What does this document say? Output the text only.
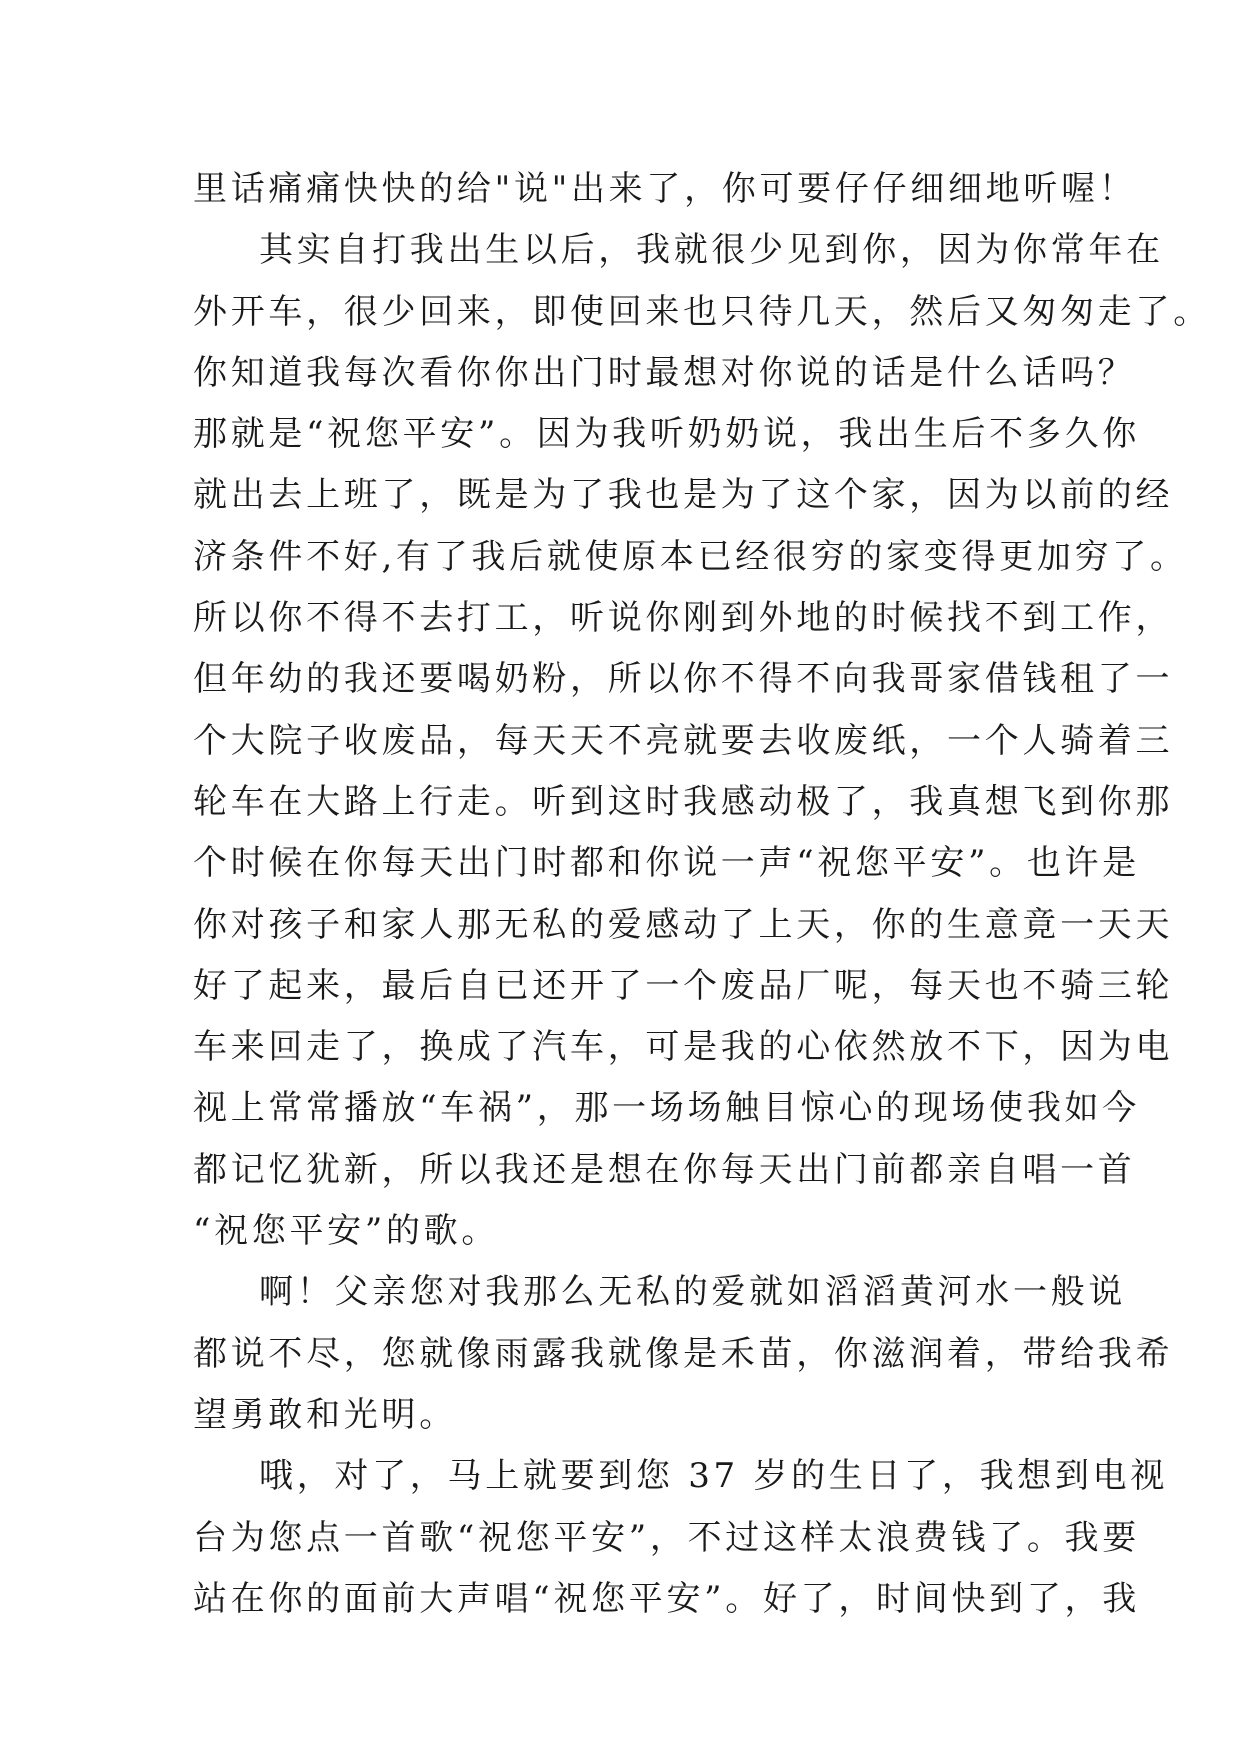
里话痛痛快快的给"说"出来了，你可要仔仔细细地听喔！
其实自打我出生以后，我就很少见到你，因为你常年在
外开车，很少回来，即使回来也只待几天，然后又匆匆走了。
你知道我每次看你你出门时最想对你说的话是什么话吗？
那就是“祝您平安”。因为我听奶奶说，我出生后不多久你
就出去上班了，既是为了我也是为了这个家，因为以前的经
济条件不好,有了我后就使原本已经很穷的家变得更加穷了。
所以你不得不去打工，听说你刚到外地的时候找不到工作，
但年幼的我还要喝奶粉，所以你不得不向我哥家借钱租了一
个大院子收废品，每天天不亮就要去收废纸，一个人骑着三
轮车在大路上行走。听到这时我感动极了，我真想飞到你那
个时候在你每天出门时都和你说一声“祝您平安”。也许是
你对孩子和家人那无私的爱感动了上天，你的生意竟一天天
好了起来，最后自已还开了一个废品厂呢，每天也不骑三轮
车来回走了，换成了汽车，可是我的心依然放不下，因为电
视上常常播放“车祸”，那一场场触目惊心的现场使我如今
都记忆犹新，所以我还是想在你每天出门前都亲自唱一首
“祝您平安”的歌。
啊！父亲您对我那么无私的爱就如滔滔黄河水一般说
都说不尽，您就像雨露我就像是禾苗，你滋润着，带给我希
望勇敢和光明。
哦，对了，马上就要到您 37 岁的生日了，我想到电视
台为您点一首歌“祝您平安”，不过这样太浪费钱了。我要
站在你的面前大声唱“祝您平安”。好了，时间快到了，我
